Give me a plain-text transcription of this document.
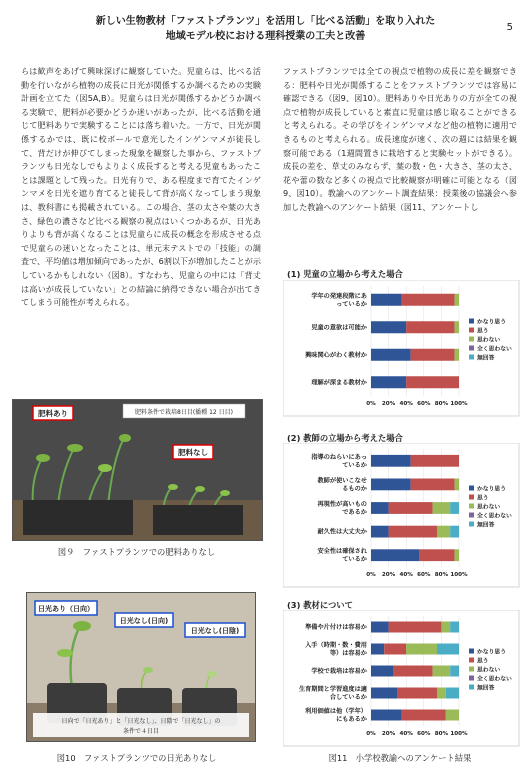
新しい生物教材「ファストプランツ」を活用し「比べる活動」を取り入れた
地域モデル校における理科授業の工夫と改善
5

らは歓声をあげて興味深げに観察していた。児童らは、比べる活動を行いながら植物の成長に日光が関係するか調べるための実験計画を立てた（図5A,B）。児童らは日光が関係するかどうか調べる実験で、肥料が必要かどうか迷いがあったが、比べる活動を通じて肥料ありで実験することには落ち着いた。一方で、日光が関係するかでは、既に校ボールで意光したインゲンマメが徒長して、背だけが伸びてしまった現象を観察した事から、ファストプランツも日光なしでもよりよく成長すると考える児童もあったことは課題として残った。日光有りで、ある程度まで育てたインゲンマメを日光を遮り育てると徒長して背が高くなってしまう現象は、教科書にも掲載されている。この場合、茎の太さや葉の大きさ、緑色の濃さなど比べる観察の視点はいくつかあるが、日光ありよりも背が高くなることは児童らに成長の概念を形成させる点で児童らの迷いとなったことは、単元末テストでの「技能」の調査で、平均値は増加傾向であったが、6割以下が増加したことが示しているかもしれない（図8）。すなわち、児童らの中には「背丈は高いが成長していない」との結論に納得できない場合が出てきてしまう可能性が考えられる。

ファストプランツでは全ての視点で植物の成長に差を観察できる：肥料や日光が関係することをファストプランツでは容易に確認できる（図9、図10）。肥料ありや日光ありの方が全ての視点で植物が成長していると素直に児童は感じ取ることができると考えられる。その学びをインゲンマメなど他の植物に適用できるものと考えられる。成長速度が速く、次の週には結果を観察可能である（1週間置きに栽培すると実験セットができる）。成長の差を、草丈のみならず、葉の数・色・大きさ、茎の太さ、花や蕾の数など多くの視点で比較観察が明確に可能となる（図9、図10）。教諭へのアンケート調査結果：授業後の協議会へ参加した教諭へのアンケート結果（図11、アンケートし

肥料条件で栽培8日目(播種 12 日目)
肥料あり
肥料なし
図９　ファストプランツでの肥料ありなし
日光あり（日向）
日光なし(日向)
日光なし(日陰)
日向で「日光あり」と「日光なし」、日陰で「日光なし」の
条件で４日目
図10　ファストプランツでの日光ありなし
(1) 児童の立場から考えた場合
0% 20% 40% 60% 80% 100%
学年の発達段階にあ
っているか
児童の意欲は可能か
興味関心がわく教材か
理解が深まる教材か
かなり思う
思う
思わない
全く思わない
無回答
(2) 教師の立場から考えた場合
0% 20% 40% 60% 80% 100%
指導のねらいにあっ
ているか
教師が使いこなせ
るものか
再現性が高いもの
であるか
耐久性は大丈夫か
安全性は確保され
ているか
かなり思う
思う
思わない
全く思わない
無回答
(3) 教材について
0% 20% 40% 60% 80% 100%
準備や片付けは容易か
入手（時期・数・費用
等）は容易か
学校で栽培は容易か
生育期間と学習進度は適
合しているか
利用価値は他（学年）
にもあるか
かなり思う
思う
思わない
全く思わない
無回答
図11　小学校教諭へのアンケート結果
